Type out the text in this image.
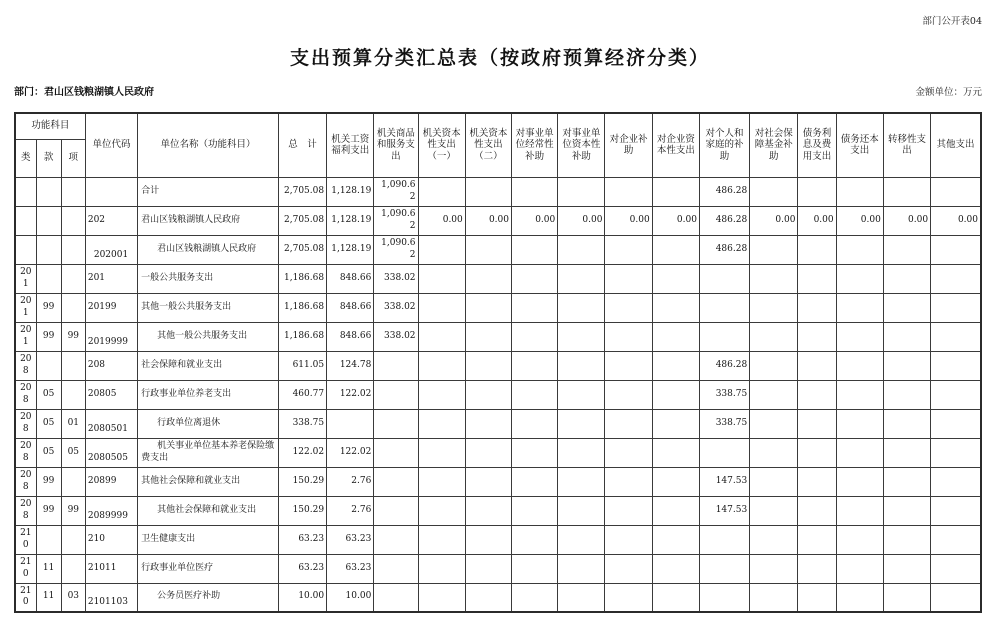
部门公开表04
支出预算分类汇总表（按政府预算经济分类）
部门：君山区钱粮湖镇人民政府	金额单位：万元
功能科目			单位代码	单位名称（功能科目）	总　计	机关工资福利支出	机关商品和服务支出	机关资本性支出（一）	机关资本性支出（二）	对事业单位经常性补助	对事业单位资本性补助	对企业补助	对企业资本性支出	对个人和家庭的补助	对社会保障基金补助	债务利息及费用支出	债务还本支出	转移性支出	其他支出
类	款	项																	
				合计	2,705.08	1,128.19	1,090.62							486.28					
			202	君山区钱粮湖镇人民政府	2,705.08	1,128.19	1,090.62	0.00	0.00	0.00	0.00	0.00	0.00	486.28	0.00	0.00	0.00	0.00	0.00
			202001	君山区钱粮湖镇人民政府	2,705.08	1,128.19	1,090.62							486.28					
201			201	一般公共服务支出	1,186.68	848.66	338.02												
201	99		20199	其他一般公共服务支出	1,186.68	848.66	338.02												
201	99	99	2019999	其他一般公共服务支出	1,186.68	848.66	338.02												
208			208	社会保障和就业支出	611.05	124.78								486.28					
208	05		20805	行政事业单位养老支出	460.77	122.02								338.75					
208	05	01	2080501	行政单位离退休	338.75									338.75					
208	05	05	2080505	机关事业单位基本养老保险缴费支出	122.02	122.02													
208	99		20899	其他社会保障和就业支出	150.29	2.76								147.53					
208	99	99	2089999	其他社会保障和就业支出	150.29	2.76								147.53					
210			210	卫生健康支出	63.23	63.23													
210	11		21011	行政事业单位医疗	63.23	63.23													
210	11	03	2101103	公务员医疗补助	10.00	10.00													
